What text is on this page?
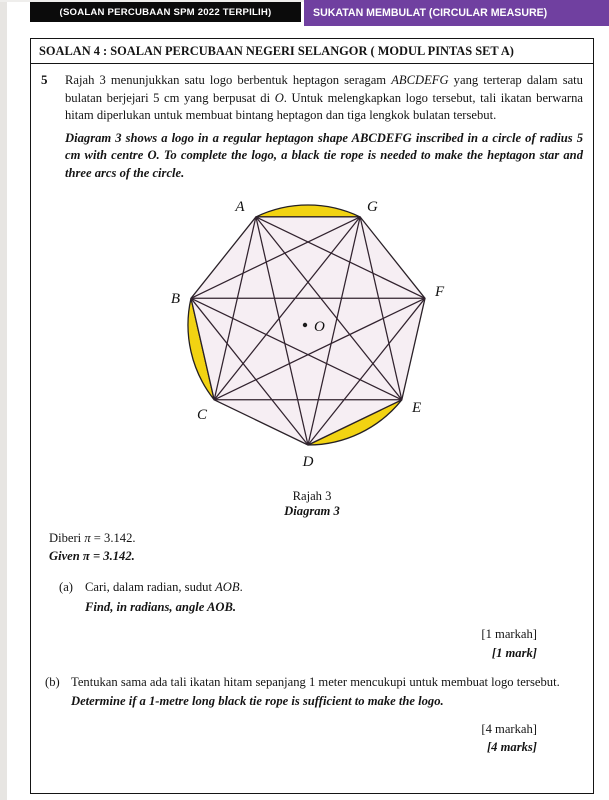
(SOALAN PERCUBAAN SPM 2022 TERPILIH)	SUKATAN MEMBULAT (CIRCULAR MEASURE)
SOALAN 4 : SOALAN PERCUBAAN NEGERI SELANGOR ( MODUL PINTAS SET A)
5	Rajah 3 menunjukkan satu logo berbentuk heptagon seragam ABCDEFG yang terterap dalam satu bulatan berjejari 5 cm yang berpusat di O. Untuk melengkapkan logo tersebut, tali ikatan berwarna hitam diperlukan untuk membuat bintang heptagon dan tiga lengkok bulatan tersebut.

Diagram 3 shows a logo in a regular heptagon shape ABCDEFG inscribed in a circle of radius 5 cm with centre O. To complete the logo, a black tie rope is needed to make the heptagon star and three arcs of the circle.

A	G
B	F
C	E
D
O
Rajah 3
Diagram 3
Diberi π = 3.142.
Given π = 3.142.
(a) Cari, dalam radian, sudut AOB.

Find, in radians, angle AOB.

[1 markah]
[1 mark]
(b) Tentukan sama ada tali ikatan hitam sepanjang 1 meter mencukupi untuk membuat logo tersebut.

Determine if a 1-metre long black tie rope is sufficient to make the logo.

[4 markah]
[4 marks]
